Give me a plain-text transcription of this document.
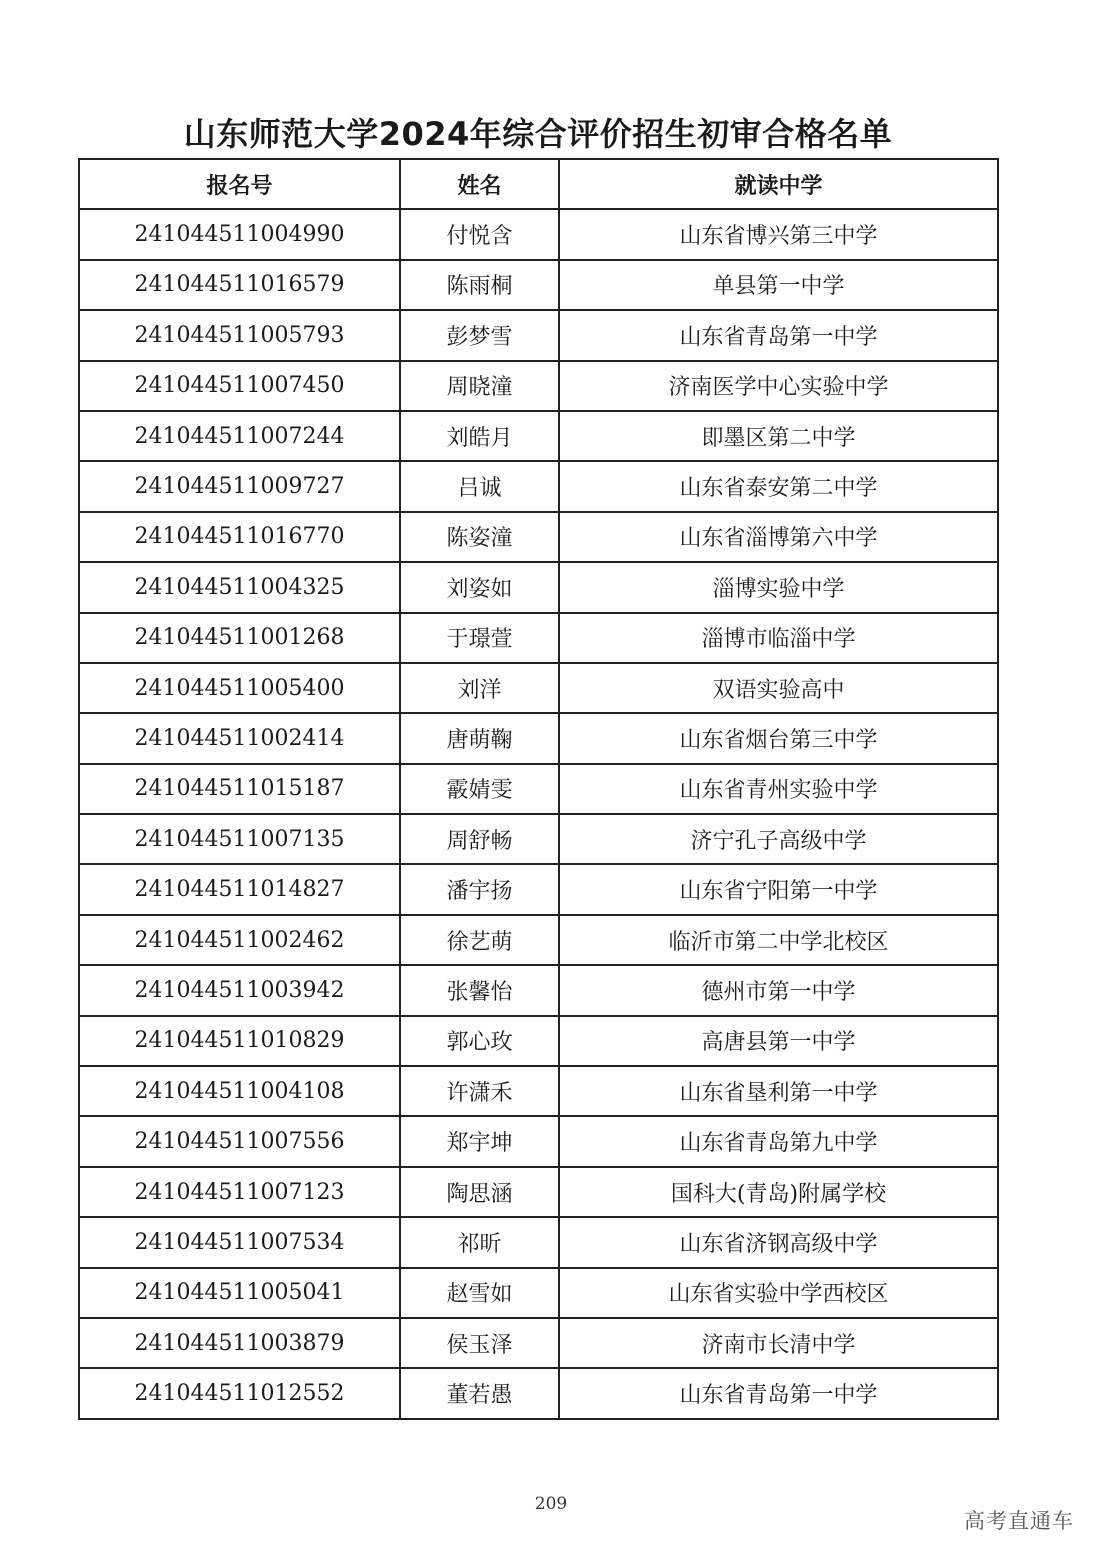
山东师范大学2024年综合评价招生初审合格名单
报名号	姓名	就读中学
241044511004990	付悦含	山东省博兴第三中学
241044511016579	陈雨桐	单县第一中学
241044511005793	彭梦雪	山东省青岛第一中学
241044511007450	周晓潼	济南医学中心实验中学
241044511007244	刘皓月	即墨区第二中学
241044511009727	吕诚	山东省泰安第二中学
241044511016770	陈姿潼	山东省淄博第六中学
241044511004325	刘姿如	淄博实验中学
241044511001268	于璟萱	淄博市临淄中学
241044511005400	刘洋	双语实验高中
241044511002414	唐萌鞠	山东省烟台第三中学
241044511015187	霰婧雯	山东省青州实验中学
241044511007135	周舒畅	济宁孔子高级中学
241044511014827	潘宇扬	山东省宁阳第一中学
241044511002462	徐艺萌	临沂市第二中学北校区
241044511003942	张馨怡	德州市第一中学
241044511010829	郭心玫	高唐县第一中学
241044511004108	许潇禾	山东省垦利第一中学
241044511007556	郑宇坤	山东省青岛第九中学
241044511007123	陶思涵	国科大(青岛)附属学校
241044511007534	祁昕	山东省济钢高级中学
241044511005041	赵雪如	山东省实验中学西校区
241044511003879	侯玉泽	济南市长清中学
241044511012552	董若愚	山东省青岛第一中学
209
高考直通车
